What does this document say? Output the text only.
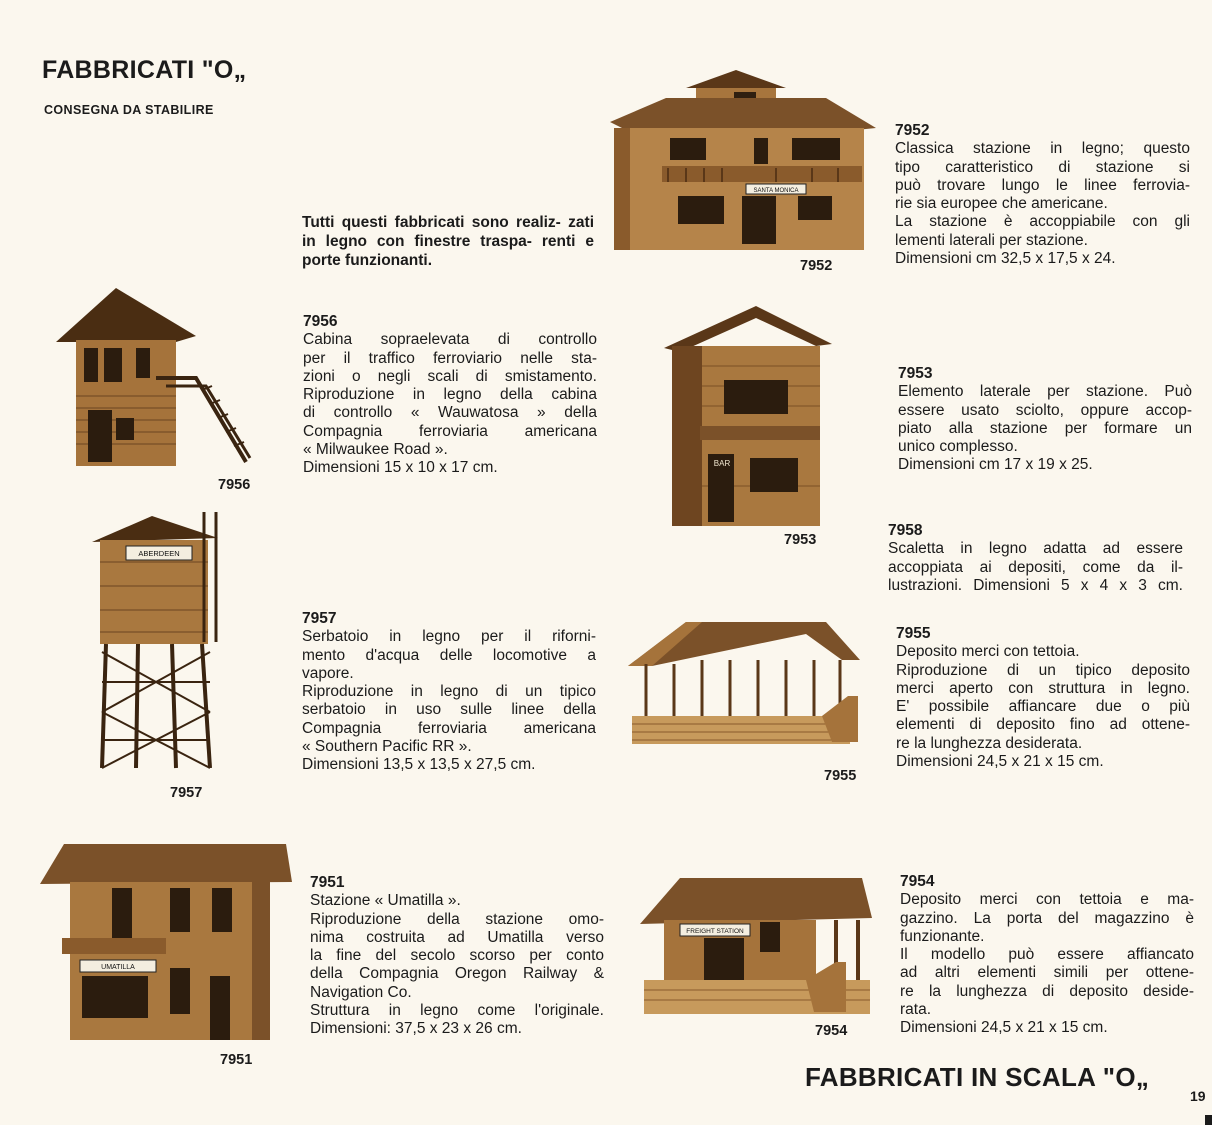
FABBRICATI "O„
CONSEGNA DA STABILIRE
Tutti questi fabbricati sono realiz- zati in legno con finestre traspa- renti e porte funzionanti.
SANTA MONICA
7952
7956
BAR
7953
ABERDEEN
7957
7955
UMATILLA
7951
FREIGHT STATION
7954
7952
Classica stazione in legno; questo
tipo caratteristico di stazione si
può trovare lungo le linee ferrovia-
rie sia europee che americane.
La stazione è accoppiabile con gli
lementi laterali per stazione.
Dimensioni cm 32,5 x 17,5 x 24.
7956
Cabina sopraelevata di controllo
per il traffico ferroviario nelle sta-
zioni o negli scali di smistamento.
Riproduzione in legno della cabina
di controllo « Wauwatosa » della
Compagnia ferroviaria americana
« Milwaukee Road ».
Dimensioni 15 x 10 x 17 cm.
7953
Elemento laterale per stazione. Può
essere usato sciolto, oppure accop-
piato alla stazione per formare un
unico complesso.
Dimensioni cm 17 x 19 x 25.
7958
Scaletta in legno adatta ad essere
accoppiata ai depositi, come da il-
lustrazioni. Dimensioni 5 x 4 x 3 cm.
7957
Serbatoio in legno per il riforni-
mento d'acqua delle locomotive a
vapore.
Riproduzione in legno di un tipico
serbatoio in uso sulle linee della
Compagnia ferroviaria americana
« Southern Pacific RR ».
Dimensioni 13,5 x 13,5 x 27,5 cm.
7955
Deposito merci con tettoia.
Riproduzione di un tipico deposito
merci aperto con struttura in legno.
E' possibile affiancare due o più
elementi di deposito fino ad ottene-
re la lunghezza desiderata.
Dimensioni 24,5 x 21 x 15 cm.
7951
Stazione « Umatilla ».
Riproduzione della stazione omo-
nima costruita ad Umatilla verso
la fine del secolo scorso per conto
della Compagnia Oregon Railway &
Navigation Co.
Struttura in legno come l'originale.
Dimensioni: 37,5 x 23 x 26 cm.
7954
Deposito merci con tettoia e ma-
gazzino. La porta del magazzino è
funzionante.
Il modello può essere affiancato
ad altri elementi simili per ottene-
re la lunghezza di deposito deside-
rata.
Dimensioni 24,5 x 21 x 15 cm.
FABBRICATI IN SCALA "O„
19
